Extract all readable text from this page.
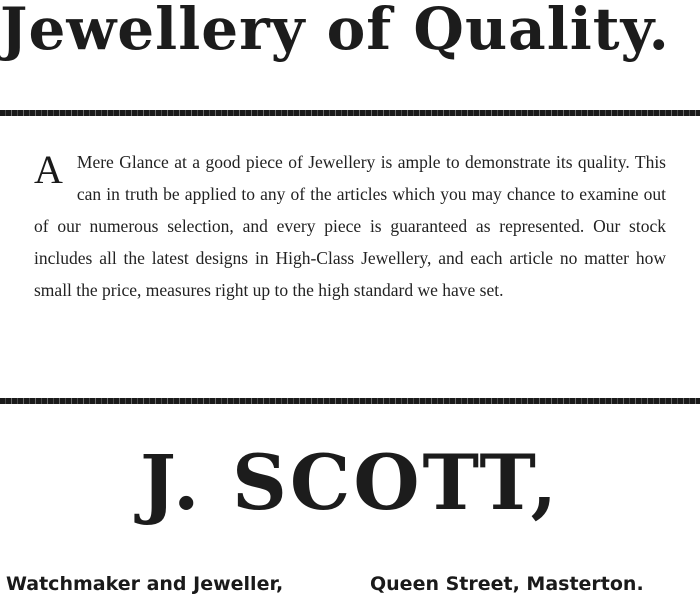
Jewellery of Quality.
A Mere Glance at a good piece of Jewellery is ample to demonstrate its quality. This can in truth be applied to any of the articles which you may chance to examine out of our numerous selection, and every piece is guaranteed as represented. Our stock includes all the latest designs in High-Class Jewellery, and each article no matter how small the price, measures right up to the high standard we have set.

J. SCOTT,
Watchmaker and Jeweller,	Queen Street, Masterton.
